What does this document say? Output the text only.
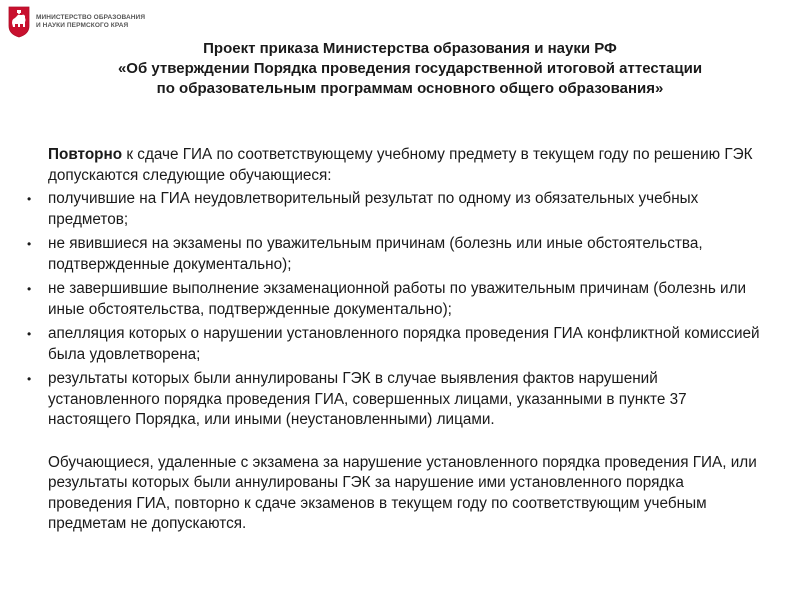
МИНИСТЕРСТВО ОБРАЗОВАНИЯ
И НАУКИ ПЕРМСКОГО КРАЯ
Проект приказа Министерства образования и науки РФ
«Об утверждении Порядка проведения государственной итоговой аттестации
по образовательным программам основного общего образования»

Повторно к сдаче ГИА по соответствующему учебному предмету в текущем году по решению ГЭК допускаются следующие обучающиеся:

• получившие на ГИА неудовлетворительный результат по одному из обязательных учебных предметов;
• не явившиеся на экзамены по уважительным причинам (болезнь или иные обстоятельства, подтвержденные документально);
• не завершившие выполнение экзаменационной работы по уважительным причинам (болезнь или иные обстоятельства, подтвержденные документально);
• апелляция которых о нарушении установленного порядка проведения ГИА конфликтной комиссией была удовлетворена;
• результаты которых были аннулированы ГЭК в случае выявления фактов нарушений установленного порядка проведения ГИА, совершенных лицами, указанными в пункте 37 настоящего Порядка, или иными (неустановленными) лицами.

Обучающиеся, удаленные с экзамена за нарушение установленного порядка проведения ГИА, или результаты которых были аннулированы ГЭК за нарушение ими установленного порядка проведения ГИА, повторно к сдаче экзаменов в текущем году по соответствующим учебным предметам не допускаются.
